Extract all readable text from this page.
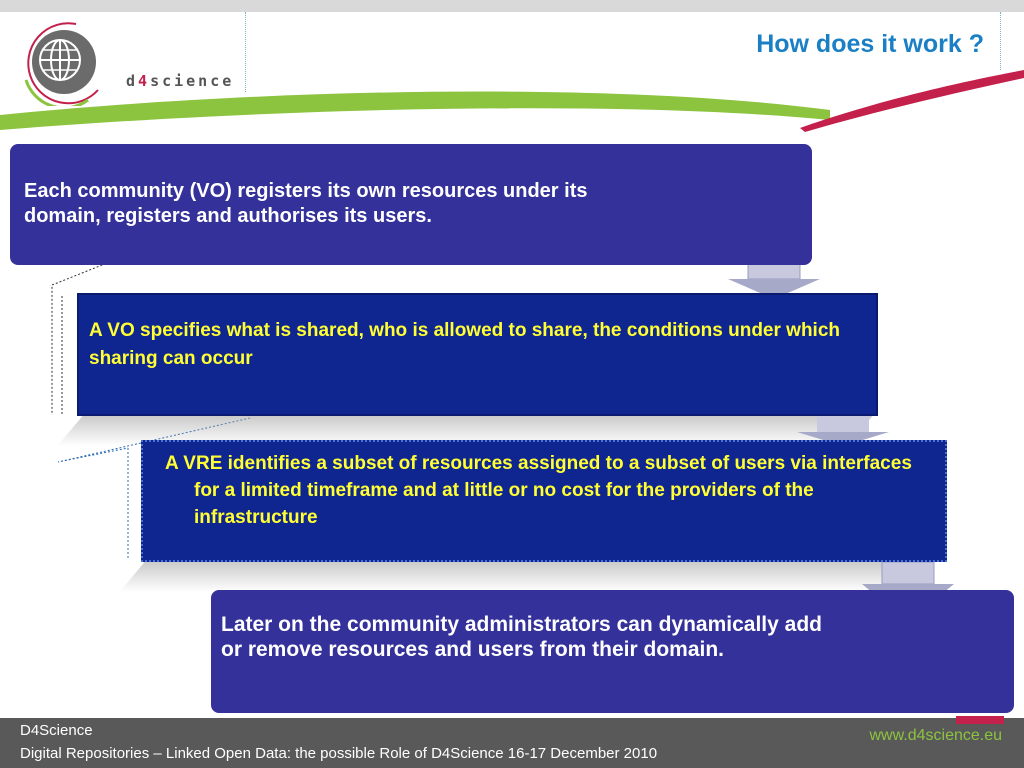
d4science
How does it work ?
Each community (VO) registers its own resources under its domain, registers and authorises its users.
A VO specifies what is shared, who is allowed to share, the conditions under which sharing can occur
A VRE identifies a subset of resources assigned to a subset of users via interfaces for a limited timeframe and at little or no cost for the providers of the infrastructure
Later on the community administrators can dynamically add or remove resources and users from their domain.
D4Science
Digital Repositories – Linked Open Data: the possible Role of D4Science 16-17 December 2010
www.d4science.eu
